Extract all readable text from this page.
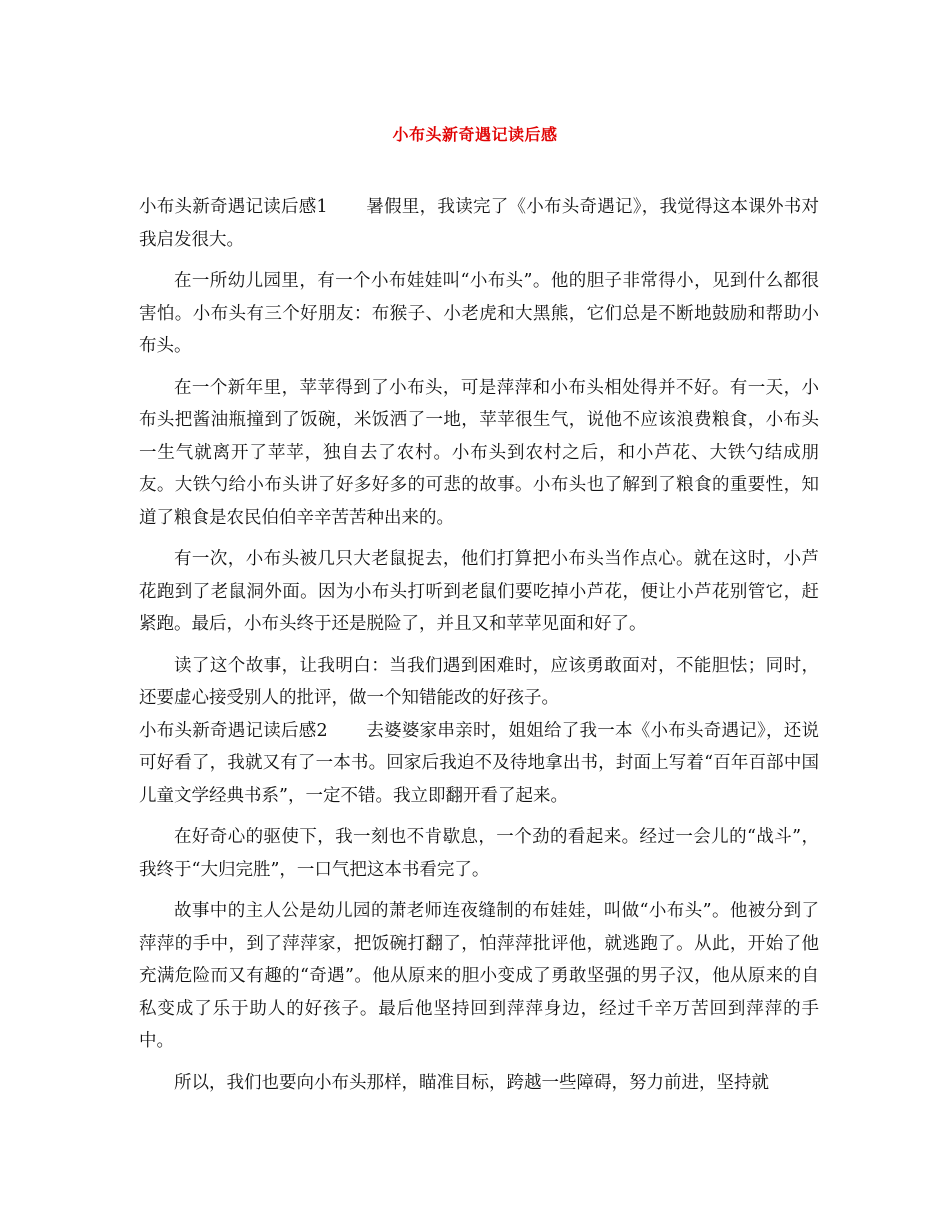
小布头新奇遇记读后感

小布头新奇遇记读后感1 暑假里，我读完了《小布头奇遇记》，我觉得这本课外书对我启发很大。

在一所幼儿园里，有一个小布娃娃叫“小布头”。他的胆子非常得小，见到什么都很害怕。小布头有三个好朋友：布猴子、小老虎和大黑熊，它们总是不断地鼓励和帮助小布头。

在一个新年里，苹苹得到了小布头，可是萍萍和小布头相处得并不好。有一天，小布头把酱油瓶撞到了饭碗，米饭洒了一地，苹苹很生气，说他不应该浪费粮食，小布头一生气就离开了苹苹，独自去了农村。小布头到农村之后，和小芦花、大铁勺结成朋友。大铁勺给小布头讲了好多好多的可悲的故事。小布头也了解到了粮食的重要性，知道了粮食是农民伯伯辛辛苦苦种出来的。

有一次，小布头被几只大老鼠捉去，他们打算把小布头当作点心。就在这时，小芦花跑到了老鼠洞外面。因为小布头打听到老鼠们要吃掉小芦花，便让小芦花别管它，赶紧跑。最后，小布头终于还是脱险了，并且又和苹苹见面和好了。

读了这个故事，让我明白：当我们遇到困难时，应该勇敢面对，不能胆怯；同时，还要虚心接受别人的批评，做一个知错能改的好孩子。

小布头新奇遇记读后感2 去婆婆家串亲时，姐姐给了我一本《小布头奇遇记》，还说可好看了，我就又有了一本书。回家后我迫不及待地拿出书，封面上写着“百年百部中国儿童文学经典书系”，一定不错。我立即翻开看了起来。

在好奇心的驱使下，我一刻也不肯歇息，一个劲的看起来。经过一会儿的“战斗”，我终于“大归完胜”，一口气把这本书看完了。

故事中的主人公是幼儿园的萧老师连夜缝制的布娃娃，叫做“小布头”。他被分到了萍萍的手中，到了萍萍家，把饭碗打翻了，怕萍萍批评他，就逃跑了。从此，开始了他充满危险而又有趣的“奇遇”。他从原来的胆小变成了勇敢坚强的男子汉，他从原来的自私变成了乐于助人的好孩子。最后他坚持回到萍萍身边，经过千辛万苦回到萍萍的手中。

所以，我们也要向小布头那样，瞄准目标，跨越一些障碍，努力前进，坚持就
